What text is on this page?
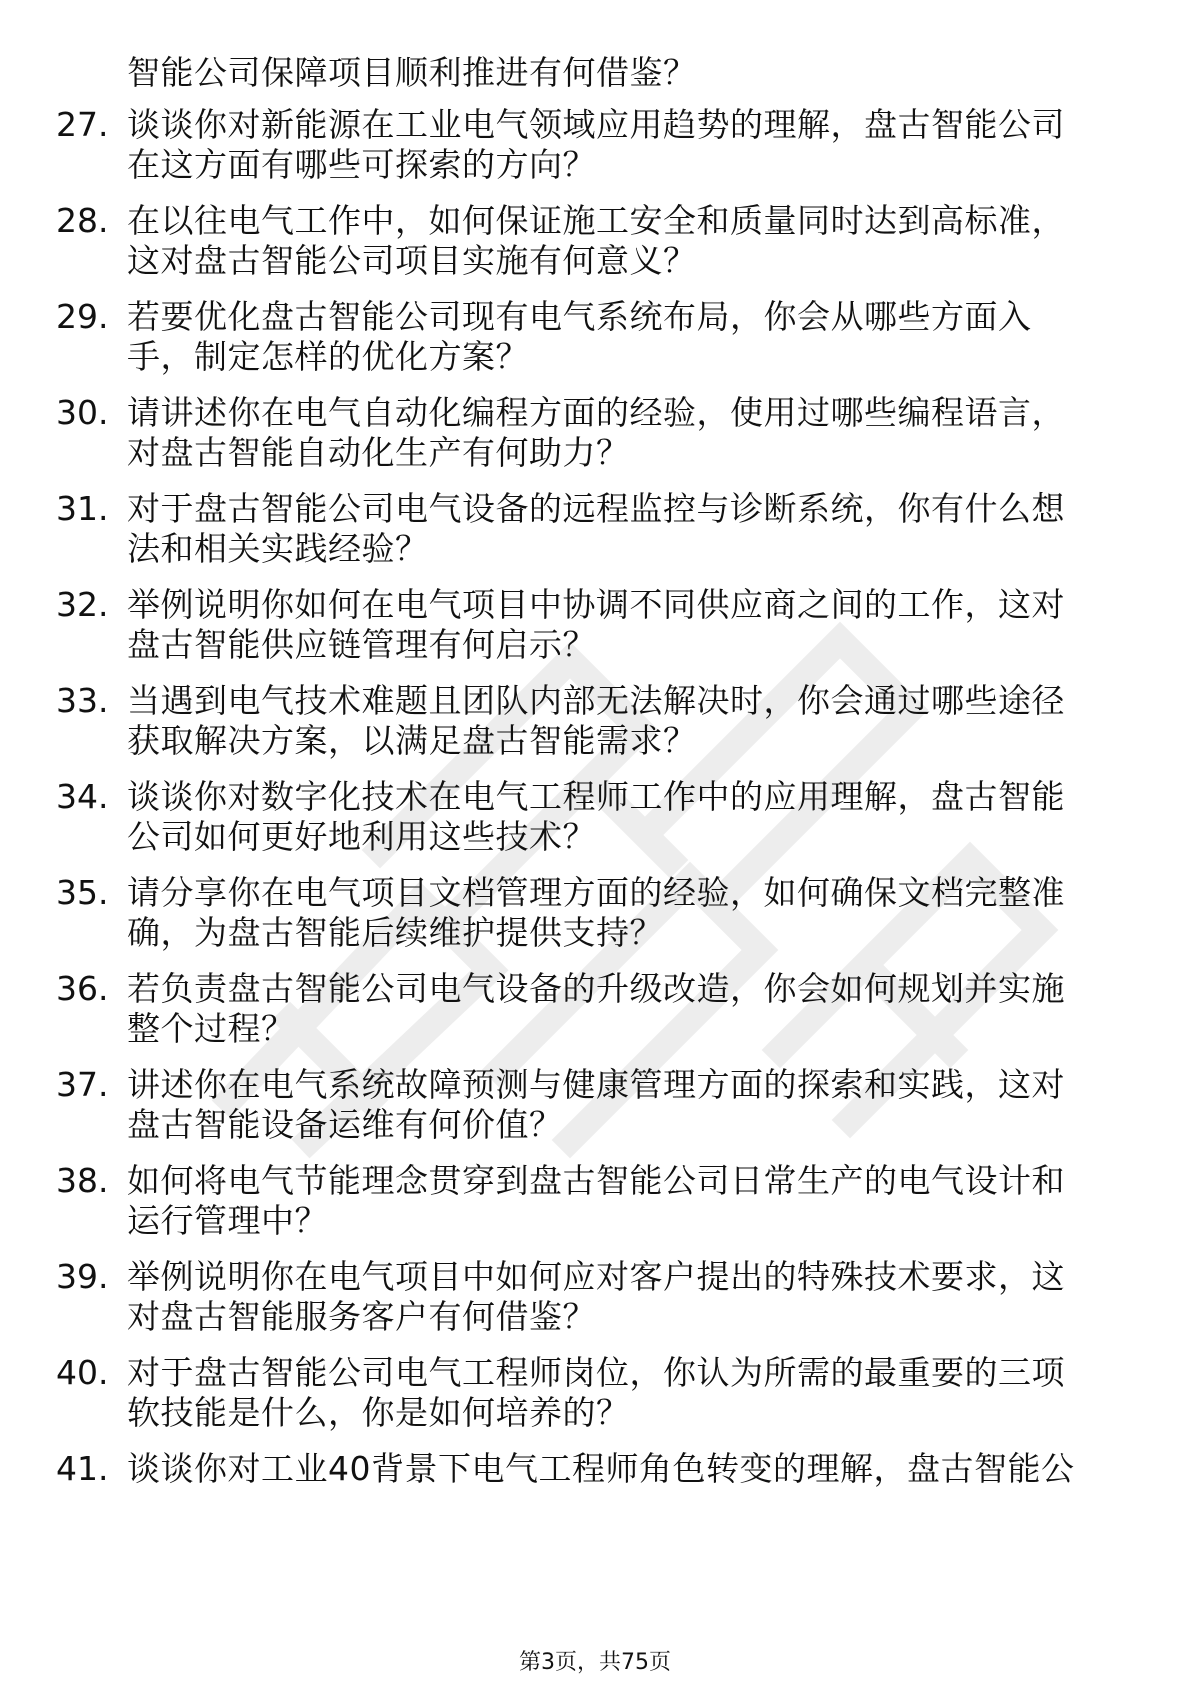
智能公司保障项目顺利推进有何借鉴？
27. 谈谈你对新能源在工业电气领域应用趋势的理解，盘古智能公司
在这方面有哪些可探索的方向？
28. 在以往电气工作中，如何保证施工安全和质量同时达到高标准，
这对盘古智能公司项目实施有何意义？
29. 若要优化盘古智能公司现有电气系统布局，你会从哪些方面入
手，制定怎样的优化方案？
30. 请讲述你在电气自动化编程方面的经验，使用过哪些编程语言，
对盘古智能自动化生产有何助力？
31. 对于盘古智能公司电气设备的远程监控与诊断系统，你有什么想
法和相关实践经验？
32. 举例说明你如何在电气项目中协调不同供应商之间的工作，这对
盘古智能供应链管理有何启示？
33. 当遇到电气技术难题且团队内部无法解决时，你会通过哪些途径
获取解决方案，以满足盘古智能需求？
34. 谈谈你对数字化技术在电气工程师工作中的应用理解，盘古智能
公司如何更好地利用这些技术？
35. 请分享你在电气项目文档管理方面的经验，如何确保文档完整准
确，为盘古智能后续维护提供支持？
36. 若负责盘古智能公司电气设备的升级改造，你会如何规划并实施
整个过程？
37. 讲述你在电气系统故障预测与健康管理方面的探索和实践，这对
盘古智能设备运维有何价值？
38. 如何将电气节能理念贯穿到盘古智能公司日常生产的电气设计和
运行管理中？
39. 举例说明你在电气项目中如何应对客户提出的特殊技术要求，这
对盘古智能服务客户有何借鉴？
40. 对于盘古智能公司电气工程师岗位，你认为所需的最重要的三项
软技能是什么，你是如何培养的？
41. 谈谈你对工业40背景下电气工程师角色转变的理解，盘古智能公
第3页，共75页
